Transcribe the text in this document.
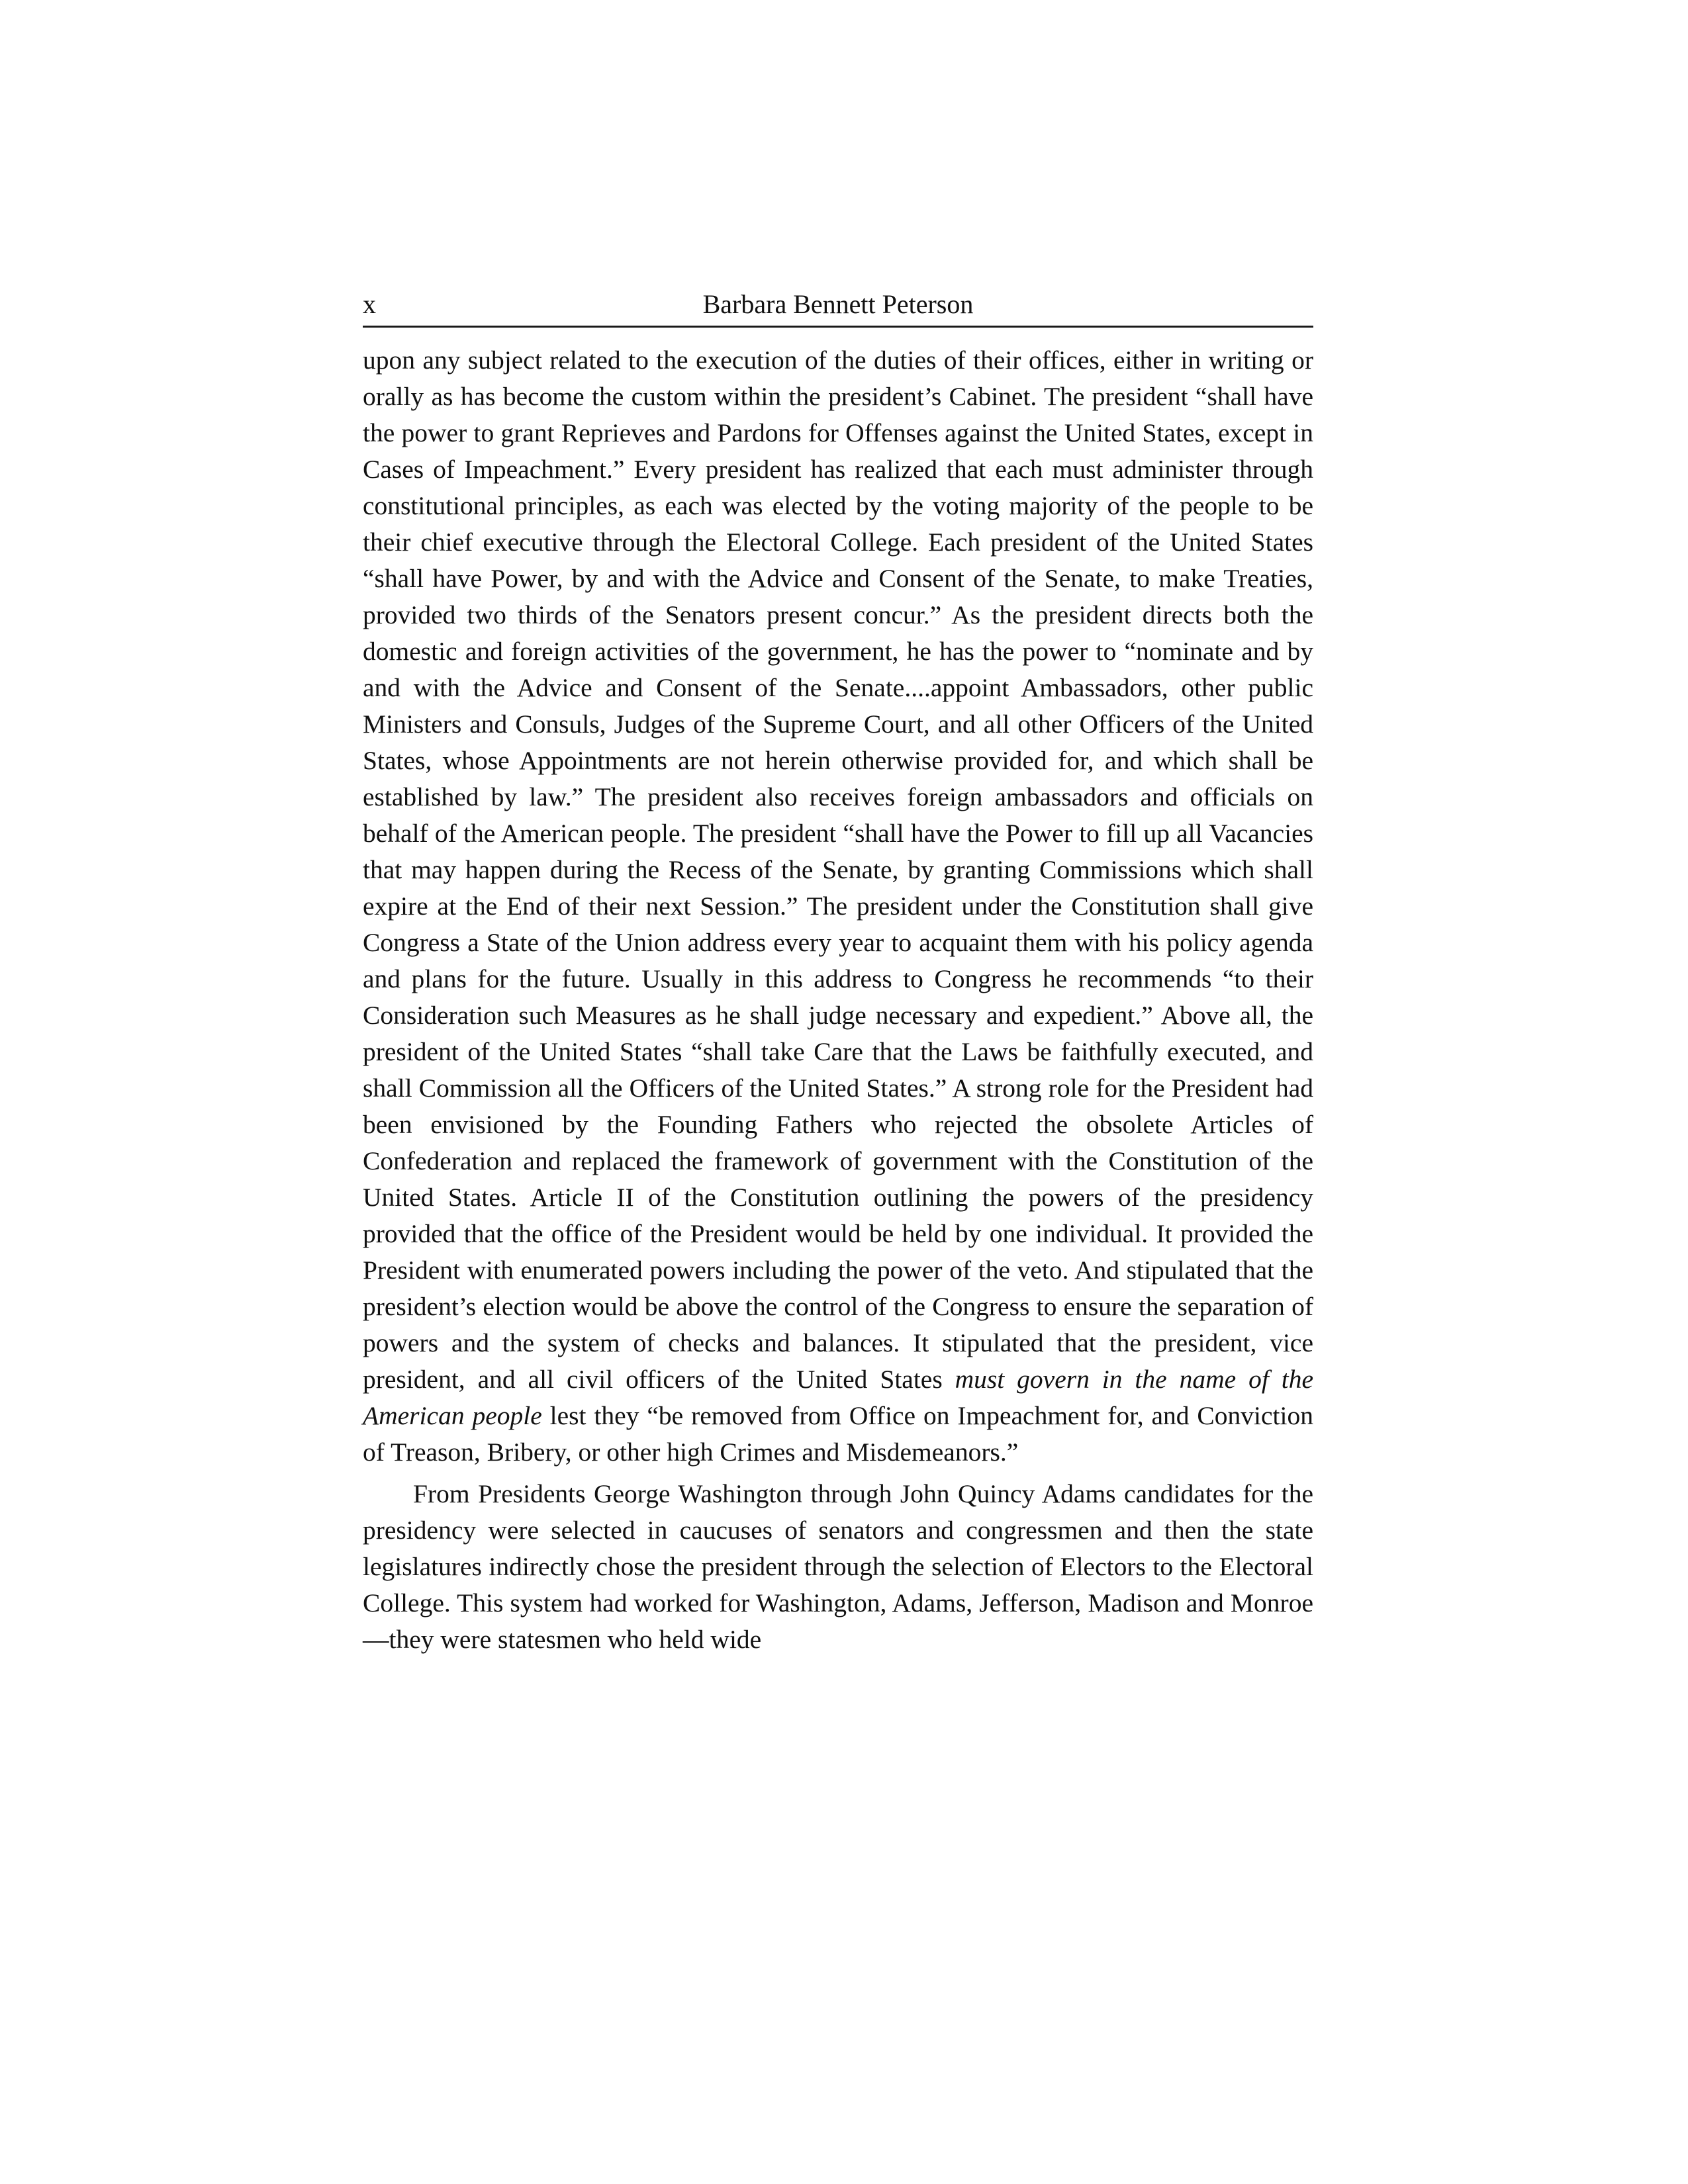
x	Barbara Bennett Peterson

upon any subject related to the execution of the duties of their offices, either in writing or orally as has become the custom within the president’s Cabinet. The president “shall have the power to grant Reprieves and Pardons for Offenses against the United States, except in Cases of Impeachment.” Every president has realized that each must administer through constitutional principles, as each was elected by the voting majority of the people to be their chief executive through the Electoral College. Each president of the United States “shall have Power, by and with the Advice and Consent of the Senate, to make Treaties, provided two thirds of the Senators present concur.” As the president directs both the domestic and foreign activities of the government, he has the power to “nominate and by and with the Advice and Consent of the Senate....appoint Ambassadors, other public Ministers and Consuls, Judges of the Supreme Court, and all other Officers of the United States, whose Appointments are not herein otherwise provided for, and which shall be established by law.” The president also receives foreign ambassadors and officials on behalf of the American people. The president “shall have the Power to fill up all Vacancies that may happen during the Recess of the Senate, by granting Commissions which shall expire at the End of their next Session.” The president under the Constitution shall give Congress a State of the Union address every year to acquaint them with his policy agenda and plans for the future. Usually in this address to Congress he recommends “to their Consideration such Measures as he shall judge necessary and expedient.” Above all, the president of the United States “shall take Care that the Laws be faithfully executed, and shall Commission all the Officers of the United States.” A strong role for the President had been envisioned by the Founding Fathers who rejected the obsolete Articles of Confederation and replaced the framework of government with the Constitution of the United States. Article II of the Constitution outlining the powers of the presidency provided that the office of the President would be held by one individual. It provided the President with enumerated powers including the power of the veto. And stipulated that the president’s election would be above the control of the Congress to ensure the separation of powers and the system of checks and balances. It stipulated that the president, vice president, and all civil officers of the United States must govern in the name of the American people lest they “be removed from Office on Impeachment for, and Conviction of Treason, Bribery, or other high Crimes and Misdemeanors.”

From Presidents George Washington through John Quincy Adams candidates for the presidency were selected in caucuses of senators and congressmen and then the state legislatures indirectly chose the president through the selection of Electors to the Electoral College. This system had worked for Washington, Adams, Jefferson, Madison and Monroe—they were statesmen who held wide
